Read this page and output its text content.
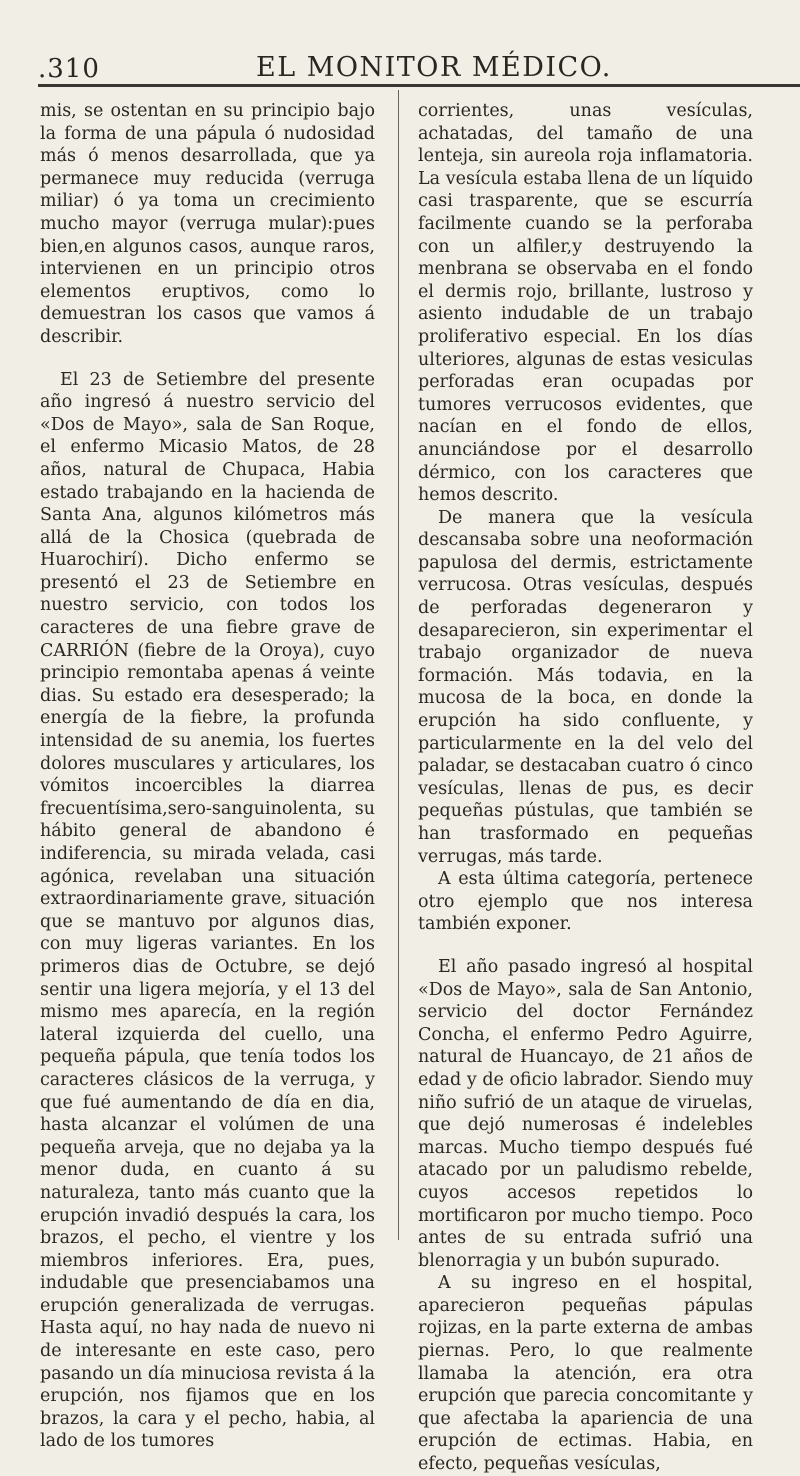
.310	EL MONITOR MÉDICO.

mis, se ostentan en su principio bajo la forma de una pápula ó nudosidad más ó menos desarrollada, que ya permanece muy reducida (verruga miliar) ó ya toma un crecimiento mucho mayor (verruga mular):pues bien,en algunos casos, aunque raros, intervienen en un principio otros elementos eruptivos, como lo demuestran los casos que vamos á describir.

El 23 de Setiembre del presente año ingresó á nuestro servicio del «Dos de Mayo», sala de San Roque, el enfermo Micasio Matos, de 28 años, natural de Chupaca, Habia estado trabajando en la hacienda de Santa Ana, algunos kilómetros más allá de la Chosica (quebrada de Huarochirí). Dicho enfermo se presentó el 23 de Setiembre en nuestro servicio, con todos los caracteres de una fiebre grave de CARRIÓN (fiebre de la Oroya), cuyo principio remontaba apenas á veinte dias. Su estado era desesperado; la energía de la fiebre, la profunda intensidad de su anemia, los fuertes dolores musculares y articulares, los vómitos incoercibles la diarrea frecuentísima,sero-sanguinolenta, su hábito general de abandono é indiferencia, su mirada velada, casi agónica, revelaban una situación extraordinariamente grave, situación que se mantuvo por algunos dias, con muy ligeras variantes. En los primeros dias de Octubre, se dejó sentir una ligera mejoría, y el 13 del mismo mes aparecía, en la región lateral izquierda del cuello, una pequeña pápula, que tenía todos los caracteres clásicos de la verruga, y que fué aumentando de día en dia, hasta alcanzar el volúmen de una pequeña arveja, que no dejaba ya la menor duda, en cuanto á su naturaleza, tanto más cuanto que la erupción invadió después la cara, los brazos, el pecho, el vientre y los miembros inferiores. Era, pues, indudable que presenciabamos una erupción generalizada de verrugas. Hasta aquí, no hay nada de nuevo ni de interesante en este caso, pero pasando un día minuciosa revista á la erupción, nos fijamos que en los brazos, la cara y el pecho, habia, al lado de los tumores

corrientes, unas vesículas, achatadas, del tamaño de una lenteja, sin aureola roja inflamatoria. La vesícula estaba llena de un líquido casi trasparente, que se escurría facilmente cuando se la perforaba con un alfiler,y destruyendo la menbrana se observaba en el fondo el dermis rojo, brillante, lustroso y asiento indudable de un trabajo proliferativo especial. En los días ulteriores, algunas de estas vesiculas perforadas eran ocupadas por tumores verrucosos evidentes, que nacían en el fondo de ellos, anunciándose por el desarrollo dérmico, con los caracteres que hemos descrito.

De manera que la vesícula descansaba sobre una neoformación papulosa del dermis, estrictamente verrucosa. Otras vesículas, después de perforadas degeneraron y desaparecieron, sin experimentar el trabajo organizador de nueva formación. Más todavia, en la mucosa de la boca, en donde la erupción ha sido confluente, y particularmente en la del velo del paladar, se destacaban cuatro ó cinco vesículas, llenas de pus, es decir pequeñas pústulas, que también se han trasformado en pequeñas verrugas, más tarde.

A esta última categoría, pertenece otro ejemplo que nos interesa también exponer.

El año pasado ingresó al hospital «Dos de Mayo», sala de San Antonio, servicio del doctor Fernández Concha, el enfermo Pedro Aguirre, natural de Huancayo, de 21 años de edad y de oficio labrador. Siendo muy niño sufrió de un ataque de viruelas, que dejó numerosas é indelebles marcas. Mucho tiempo después fué atacado por un paludismo rebelde, cuyos accesos repetidos lo mortificaron por mucho tiempo. Poco antes de su entrada sufrió una blenorragia y un bubón supurado.

A su ingreso en el hospital, aparecieron pequeñas pápulas rojizas, en la parte externa de ambas piernas. Pero, lo que realmente llamaba la atención, era otra erupción que parecia concomitante y que afectaba la apariencia de una erupción de ectimas. Habia, en efecto, pequeñas vesículas,
